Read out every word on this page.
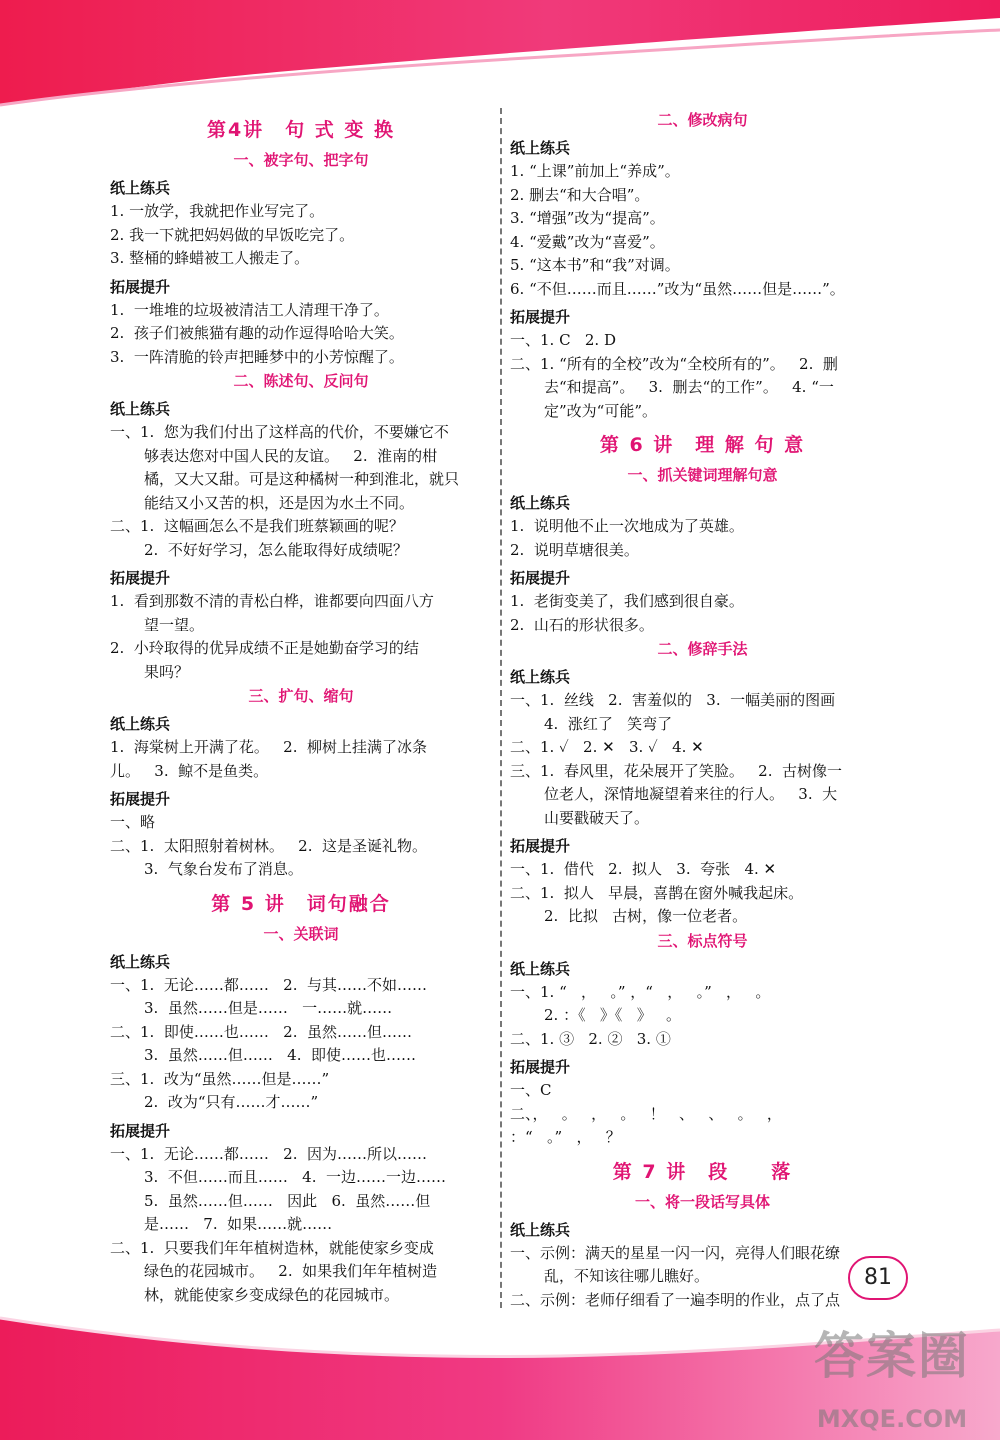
第4讲　句 式 变 换
一、被字句、把字句
纸上练兵
1. 一放学，我就把作业写完了。
2. 我一下就把妈妈做的早饭吃完了。
3. 整桶的蜂蜡被工人搬走了。
拓展提升
1.  一堆堆的垃圾被清洁工人清理干净了。
2.  孩子们被熊猫有趣的动作逗得哈哈大笑。
3.  一阵清脆的铃声把睡梦中的小芳惊醒了。
二、陈述句、反问句
纸上练兵
一、1.  您为我们付出了这样高的代价，不要嫌它不
够表达您对中国人民的友谊。   2.  淮南的柑
橘，又大又甜。可是这种橘树一种到淮北，就只
能结又小又苦的枳，还是因为水土不同。
二、1.  这幅画怎么不是我们班蔡颖画的呢？
2.  不好好学习，怎么能取得好成绩呢？
拓展提升
1.  看到那数不清的青松白桦，谁都要向四面八方
望一望。
2.  小玲取得的优异成绩不正是她勤奋学习的结
果吗？
三、扩句、缩句
纸上练兵
1.  海棠树上开满了花。   2.  柳树上挂满了冰条
儿。   3.  鲸不是鱼类。
拓展提升
一、略
二、1.  太阳照射着树林。   2.  这是圣诞礼物。
3.  气象台发布了消息。
第 5 讲　词句融合
一、关联词
纸上练兵
一、1.  无论……都……   2.  与其……不如……
3.  虽然……但是……   一……就……
二、1.  即使……也……   2.  虽然……但……
3.  虽然……但……   4.  即使……也……
三、1.  改为“虽然……但是……”
2.  改为“只有……才……”
拓展提升
一、1.  无论……都……   2.  因为……所以……
3.  不但……而且……   4.  一边……一边……
5.  虽然……但……   因此   6.  虽然……但
是……   7.  如果……就……
二、1.  只要我们年年植树造林，就能使家乡变成
绿色的花园城市。   2.  如果我们年年植树造
林，就能使家乡变成绿色的花园城市。
二、修改病句
纸上练兵
1. “上课”前加上“养成”。
2. 删去“和大合唱”。
3. “增强”改为“提高”。
4. “爱戴”改为“喜爱”。
5. “这本书”和“我”对调。
6. “不但……而且……”改为“虽然……但是……”。
拓展提升
一、1. C   2. D
二、1. “所有的全校”改为“全校所有的”。   2.  删
去“和提高”。   3.  删去“的工作”。   4. “一
定”改为“可能”。
第 6 讲　理 解 句 意
一、抓关键词理解句意
纸上练兵
1.  说明他不止一次地成为了英雄。
2.  说明草塘很美。
拓展提升
1.  老街变美了，我们感到很自豪。
2.  山石的形状很多。
二、修辞手法
纸上练兵
一、1.  丝线   2.  害羞似的   3.  一幅美丽的图画
4.  涨红了   笑弯了
二、1. ✓   2. ✕   3. ✓   4. ✕
三、1.  春风里，花朵展开了笑脸。   2.  古树像一
位老人，深情地凝望着来往的行人。   3.  大
山要戳破天了。
拓展提升
一、1.  借代   2.  拟人   3.  夸张   4. ✕
二、1.  拟人   早晨，喜鹊在窗外喊我起床。
2.  比拟   古树，像一位老者。
三、标点符号
纸上练兵
一、1. “   ，   。” ，“   ，   。”   ，   。
2. ：《   》《   》   。
二、1. ③   2. ②   3. ①
拓展提升
一、C
二、，   。   ，   。   ！   、   、   。   ，
：“   。”   ，   ？
第 7 讲　段　　落
一、将一段话写具体
纸上练兵
一、示例：满天的星星一闪一闪，亮得人们眼花缭
乱，不知该往哪儿瞧好。
二、示例：老师仔细看了一遍李明的作业，点了点
81
答案圈
MXQE.COM
